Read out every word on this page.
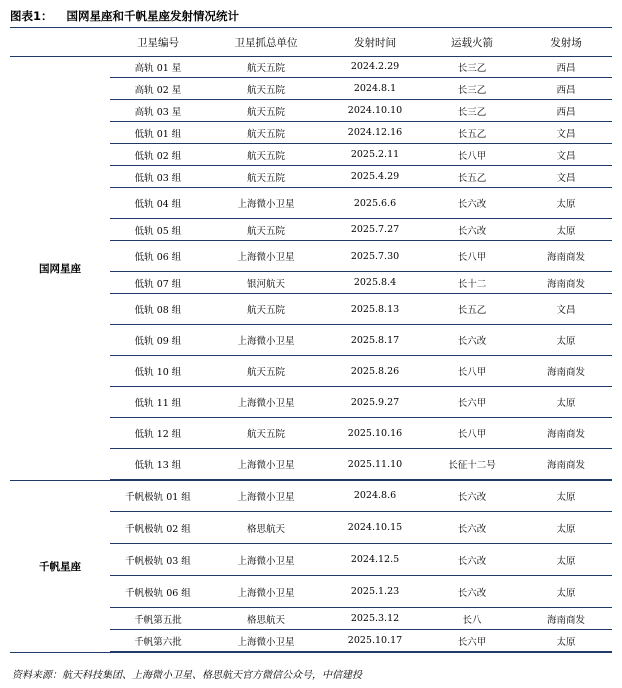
图表1： 国网星座和千帆星座发射情况统计
卫星编号	卫星抓总单位	发射时间	运载火箭	发射场
高轨 01 星	航天五院	2024.2.29	长三乙	西昌
高轨 02 星	航天五院	2024.8.1	长三乙	西昌
高轨 03 星	航天五院	2024.10.10	长三乙	西昌
低轨 01 组	航天五院	2024.12.16	长五乙	文昌
低轨 02 组	航天五院	2025.2.11	长八甲	文昌
低轨 03 组	航天五院	2025.4.29	长五乙	文昌
低轨 04 组	上海微小卫星	2025.6.6	长六改	太原
低轨 05 组	航天五院	2025.7.27	长六改	太原
低轨 06 组	上海微小卫星	2025.7.30	长八甲	海南商发
低轨 07 组	银河航天	2025.8.4	长十二	海南商发
低轨 08 组	航天五院	2025.8.13	长五乙	文昌
低轨 09 组	上海微小卫星	2025.8.17	长六改	太原
低轨 10 组	航天五院	2025.8.26	长八甲	海南商发
低轨 11 组	上海微小卫星	2025.9.27	长六甲	太原
低轨 12 组	航天五院	2025.10.16	长八甲	海南商发
低轨 13 组	上海微小卫星	2025.11.10	长征十二号	海南商发
国网星座
千帆极轨 01 组	上海微小卫星	2024.8.6	长六改	太原
千帆极轨 02 组	格思航天	2024.10.15	长六改	太原
千帆极轨 03 组	上海微小卫星	2024.12.5	长六改	太原
千帆极轨 06 组	上海微小卫星	2025.1.23	长六改	太原
千帆第五批	格思航天	2025.3.12	长八	海南商发
千帆第六批	上海微小卫星	2025.10.17	长六甲	太原
千帆星座
资料来源：航天科技集团、上海微小卫星、格思航天官方微信公众号，中信建投
